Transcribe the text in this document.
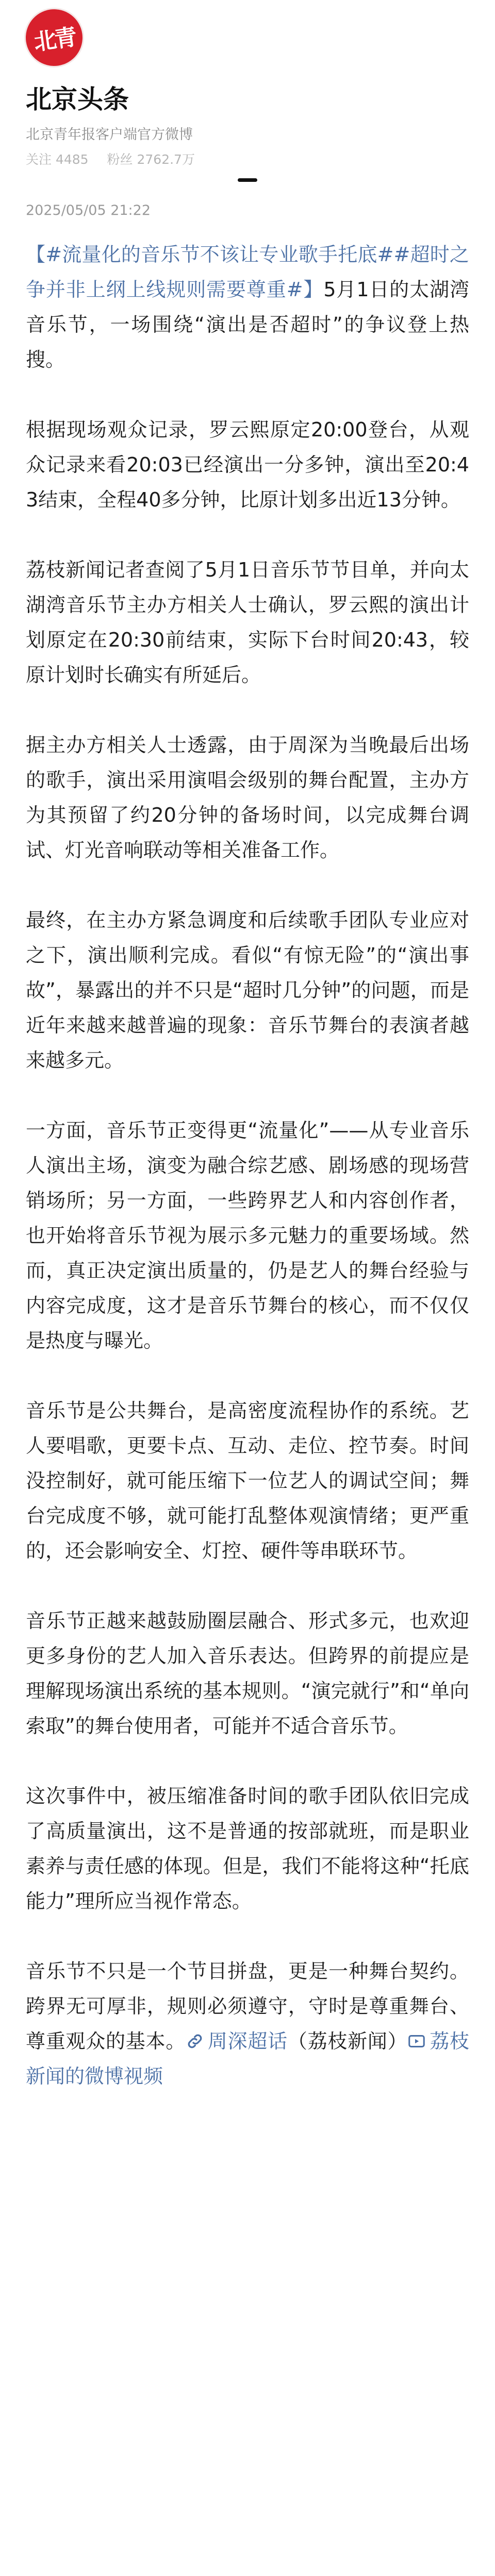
北青
北京头条
北京青年报客户端官方微博
关注 4485 粉丝 2762.7万
2025/05/05 21:22

【#流量化的音乐节不该让专业歌手托底##超时之争并非上纲上线规则需要尊重#】5月1日的太湖湾音乐节，一场围绕“演出是否超时”的争议登上热搜。

根据现场观众记录，罗云熙原定20:00登台，从观众记录来看20:03已经演出一分多钟，演出至20:43结束，全程40多分钟，比原计划多出近13分钟。

荔枝新闻记者查阅了5月1日音乐节节目单，并向太湖湾音乐节主办方相关人士确认，罗云熙的演出计划原定在20:30前结束，实际下台时间20:43，较原计划时长确实有所延后。

据主办方相关人士透露，由于周深为当晚最后出场的歌手，演出采用演唱会级别的舞台配置，主办方为其预留了约20分钟的备场时间，以完成舞台调试、灯光音响联动等相关准备工作。

最终，在主办方紧急调度和后续歌手团队专业应对之下，演出顺利完成。看似“有惊无险”的“演出事故”，暴露出的并不只是“超时几分钟”的问题，而是近年来越来越普遍的现象：音乐节舞台的表演者越来越多元。

一方面，音乐节正变得更“流量化”——从专业音乐人演出主场，演变为融合综艺感、剧场感的现场营销场所；另一方面，一些跨界艺人和内容创作者，也开始将音乐节视为展示多元魅力的重要场域。然而，真正决定演出质量的，仍是艺人的舞台经验与内容完成度，这才是音乐节舞台的核心，而不仅仅是热度与曝光。

音乐节是公共舞台，是高密度流程协作的系统。艺人要唱歌，更要卡点、互动、走位、控节奏。时间没控制好，就可能压缩下一位艺人的调试空间；舞台完成度不够，就可能打乱整体观演情绪；更严重的，还会影响安全、灯控、硬件等串联环节。

音乐节正越来越鼓励圈层融合、形式多元，也欢迎更多身份的艺人加入音乐表达。但跨界的前提应是理解现场演出系统的基本规则。“演完就行”和“单向索取”的舞台使用者，可能并不适合音乐节。

这次事件中，被压缩准备时间的歌手团队依旧完成了高质量演出，这不是普通的按部就班，而是职业素养与责任感的体现。但是，我们不能将这种“托底能力”理所应当视作常态。

音乐节不只是一个节目拼盘，更是一种舞台契约。跨界无可厚非，规则必须遵守，守时是尊重舞台、尊重观众的基本。 周深超话（荔枝新闻） 荔枝新闻的微博视频
